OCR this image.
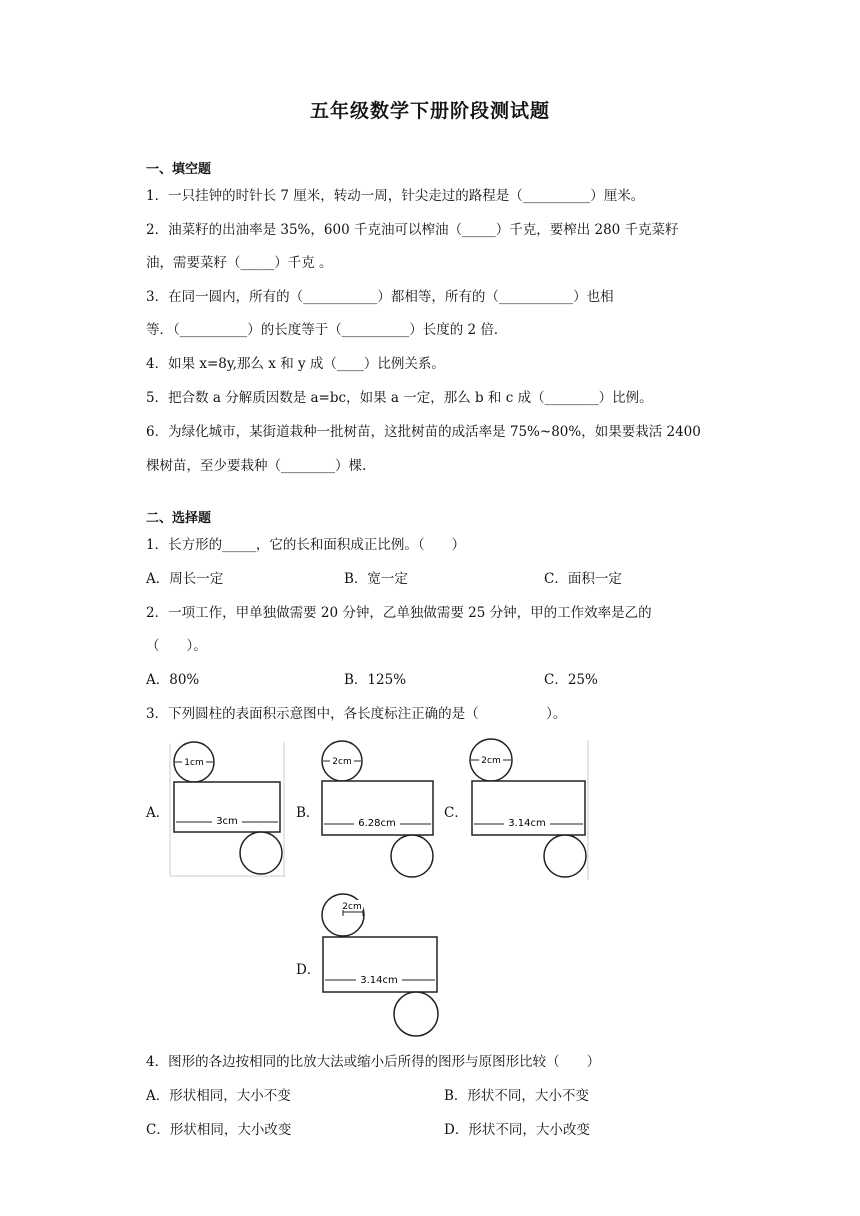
五年级数学下册阶段测试题
一、填空题
1．一只挂钟的时针长 7 厘米，转动一周，针尖走过的路程是（__________）厘米。
2．油菜籽的出油率是 35%，600 千克油可以榨油（_____）千克，要榨出 280 千克菜籽
油，需要菜籽（_____）千克 。
3．在同一圆内，所有的（___________）都相等，所有的（___________）也相
等．（__________）的长度等于（__________）长度的 2 倍．
4．如果 x=8y,那么 x 和 y 成（____）比例关系。
5．把合数 a 分解质因数是 a=bc，如果 a 一定，那么 b 和 c 成（________）比例。
6．为绿化城市，某街道栽种一批树苗，这批树苗的成活率是 75%~80%，如果要栽活 2400
棵树苗，至少要栽种（________）棵.
二、选择题
1．长方形的_____，它的长和面积成正比例。（　　）
A．周长一定	B．宽一定	C．面积一定
2．一项工作，甲单独做需要 20 分钟，乙单独做需要 25 分钟，甲的工作效率是乙的
（　　）。
A．80%	B．125%	C．25%
3．下列圆柱的表面积示意图中，各长度标注正确的是（　　　　　）。
A．
1cm
3cm
B．
2cm
6.28cm
C．
2cm
3.14cm
D．
2cm
3.14cm
4．图形的各边按相同的比放大法或缩小后所得的图形与原图形比较（　　）
A．形状相同，大小不变	B．形状不同，大小不变
C．形状相同，大小改变	D．形状不同，大小改变
